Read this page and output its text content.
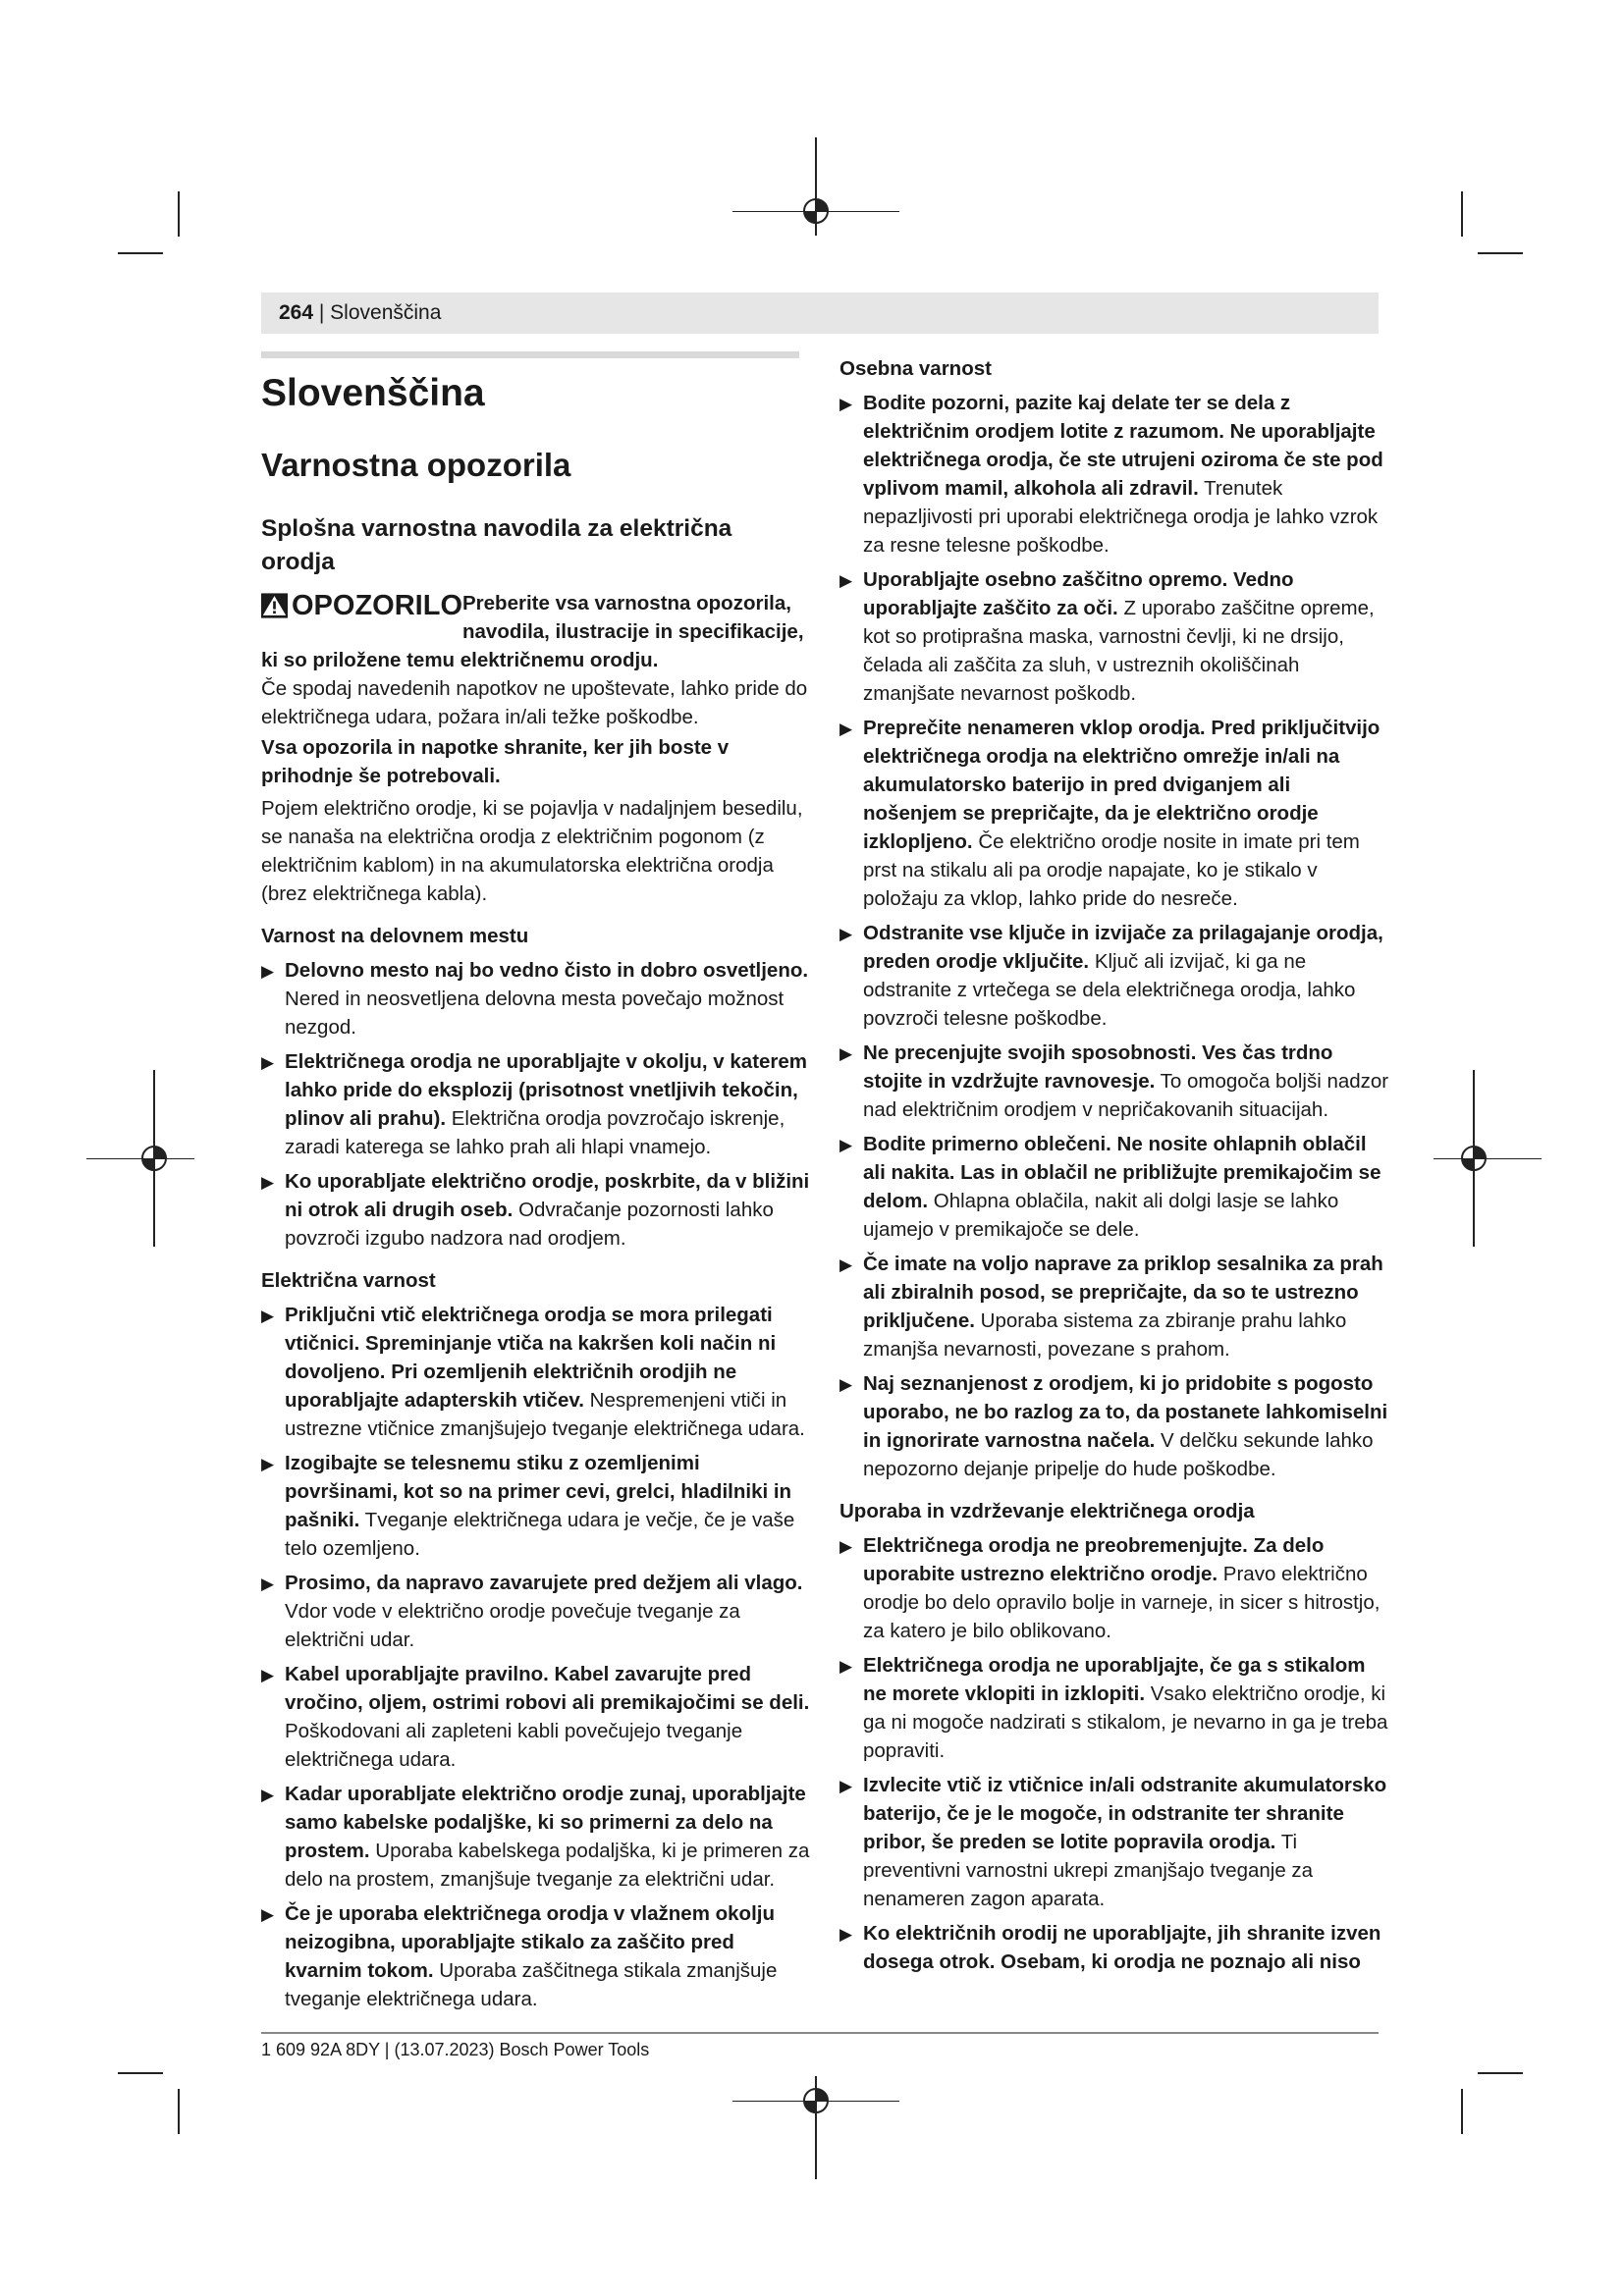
264 | Slovenščina
Slovenščina
Varnostna opozorila
Splošna varnostna navodila za električna orodja
OPOZORILO Preberite vsa varnostna opozorila, navodila, ilustracije in specifikacije, ki so priložene temu električnemu orodju.

Če spodaj navedenih napotkov ne upoštevate, lahko pride do električnega udara, požara in/ali težke poškodbe.

Vsa opozorila in napotke shranite, ker jih boste v prihodnje še potrebovali.

Pojem električno orodje, ki se pojavlja v nadaljnjem besedilu, se nanaša na električna orodja z električnim pogonom (z električnim kablom) in na akumulatorska električna orodja (brez električnega kabla).

Varnost na delovnem mestu

▶ Delovno mesto naj bo vedno čisto in dobro osvetljeno. Nered in neosvetljena delovna mesta povečajo možnost nezgod.
▶ Električnega orodja ne uporabljajte v okolju, v katerem lahko pride do eksplozij (prisotnost vnetljivih tekočin, plinov ali prahu). Električna orodja povzročajo iskrenje, zaradi katerega se lahko prah ali hlapi vnamejo.
▶ Ko uporabljate električno orodje, poskrbite, da v bližini ni otrok ali drugih oseb. Odvračanje pozornosti lahko povzroči izgubo nadzora nad orodjem.

Električna varnost

▶ Priključni vtič električnega orodja se mora prilegati vtičnici. Spreminjanje vtiča na kakršen koli način ni dovoljeno. Pri ozemljenih električnih orodjih ne uporabljajte adapterskih vtičev. Nespremenjeni vtiči in ustrezne vtičnice zmanjšujejo tveganje električnega udara.
▶ Izogibajte se telesnemu stiku z ozemljenimi površinami, kot so na primer cevi, grelci, hladilniki in pašniki. Tveganje električnega udara je večje, če je vaše telo ozemljeno.
▶ Prosimo, da napravo zavarujete pred dežjem ali vlago. Vdor vode v električno orodje povečuje tveganje za električni udar.
▶ Kabel uporabljajte pravilno. Kabel zavarujte pred vročino, oljem, ostrimi robovi ali premikajočimi se deli. Poškodovani ali zapleteni kabli povečujejo tveganje električnega udara.
▶ Kadar uporabljate električno orodje zunaj, uporabljajte samo kabelske podaljške, ki so primerni za delo na prostem. Uporaba kabelskega podaljška, ki je primeren za delo na prostem, zmanjšuje tveganje za električni udar.
▶ Če je uporaba električnega orodja v vlažnem okolju neizogibna, uporabljajte stikalo za zaščito pred kvarnim tokom. Uporaba zaščitnega stikala zmanjšuje tveganje električnega udara.

Osebna varnost

▶ Bodite pozorni, pazite kaj delate ter se dela z električnim orodjem lotite z razumom. Ne uporabljajte električnega orodja, če ste utrujeni oziroma če ste pod vplivom mamil, alkohola ali zdravil. Trenutek nepazljivosti pri uporabi električnega orodja je lahko vzrok za resne telesne poškodbe.
▶ Uporabljajte osebno zaščitno opremo. Vedno uporabljajte zaščito za oči. Z uporabo zaščitne opreme, kot so protiprašna maska, varnostni čevlji, ki ne drsijo, čelada ali zaščita za sluh, v ustreznih okoliščinah zmanjšate nevarnost poškodb.
▶ Preprečite nenameren vklop orodja. Pred priključitvijo električnega orodja na električno omrežje in/ali na akumulatorsko baterijo in pred dviganjem ali nošenjem se prepričajte, da je električno orodje izklopljeno. Če električno orodje nosite in imate pri tem prst na stikalu ali pa orodje napajate, ko je stikalo v položaju za vklop, lahko pride do nesreče.
▶ Odstranite vse ključe in izvijače za prilagajanje orodja, preden orodje vključite. Ključ ali izvijač, ki ga ne odstranite z vrtečega se dela električnega orodja, lahko povzroči telesne poškodbe.
▶ Ne precenjujte svojih sposobnosti. Ves čas trdno stojite in vzdržujte ravnovesje. To omogoča boljši nadzor nad električnim orodjem v nepričakovanih situacijah.
▶ Bodite primerno oblečeni. Ne nosite ohlapnih oblačil ali nakita. Las in oblačil ne približujte premikajočim se delom. Ohlapna oblačila, nakit ali dolgi lasje se lahko ujamejo v premikajoče se dele.
▶ Če imate na voljo naprave za priklop sesalnika za prah ali zbiralnih posod, se prepričajte, da so te ustrezno priključene. Uporaba sistema za zbiranje prahu lahko zmanjša nevarnosti, povezane s prahom.
▶ Naj seznanjenost z orodjem, ki jo pridobite s pogosto uporabo, ne bo razlog za to, da postanete lahkomiselni in ignorirate varnostna načela. V delčku sekunde lahko nepozorno dejanje pripelje do hude poškodbe.

Uporaba in vzdrževanje električnega orodja

▶ Električnega orodja ne preobremenjujte. Za delo uporabite ustrezno električno orodje. Pravo električno orodje bo delo opravilo bolje in varneje, in sicer s hitrostjo, za katero je bilo oblikovano.
▶ Električnega orodja ne uporabljajte, če ga s stikalom ne morete vklopiti in izklopiti. Vsako električno orodje, ki ga ni mogoče nadzirati s stikalom, je nevarno in ga je treba popraviti.
▶ Izvlecite vtič iz vtičnice in/ali odstranite akumulatorsko baterijo, če je le mogoče, in odstranite ter shranite pribor, še preden se lotite popravila orodja. Ti preventivni varnostni ukrepi zmanjšajo tveganje za nenameren zagon aparata.
▶ Ko električnih orodij ne uporabljajte, jih shranite izven dosega otrok. Osebam, ki orodja ne poznajo ali niso
1 609 92A 8DY | (13.07.2023) Bosch Power Tools
